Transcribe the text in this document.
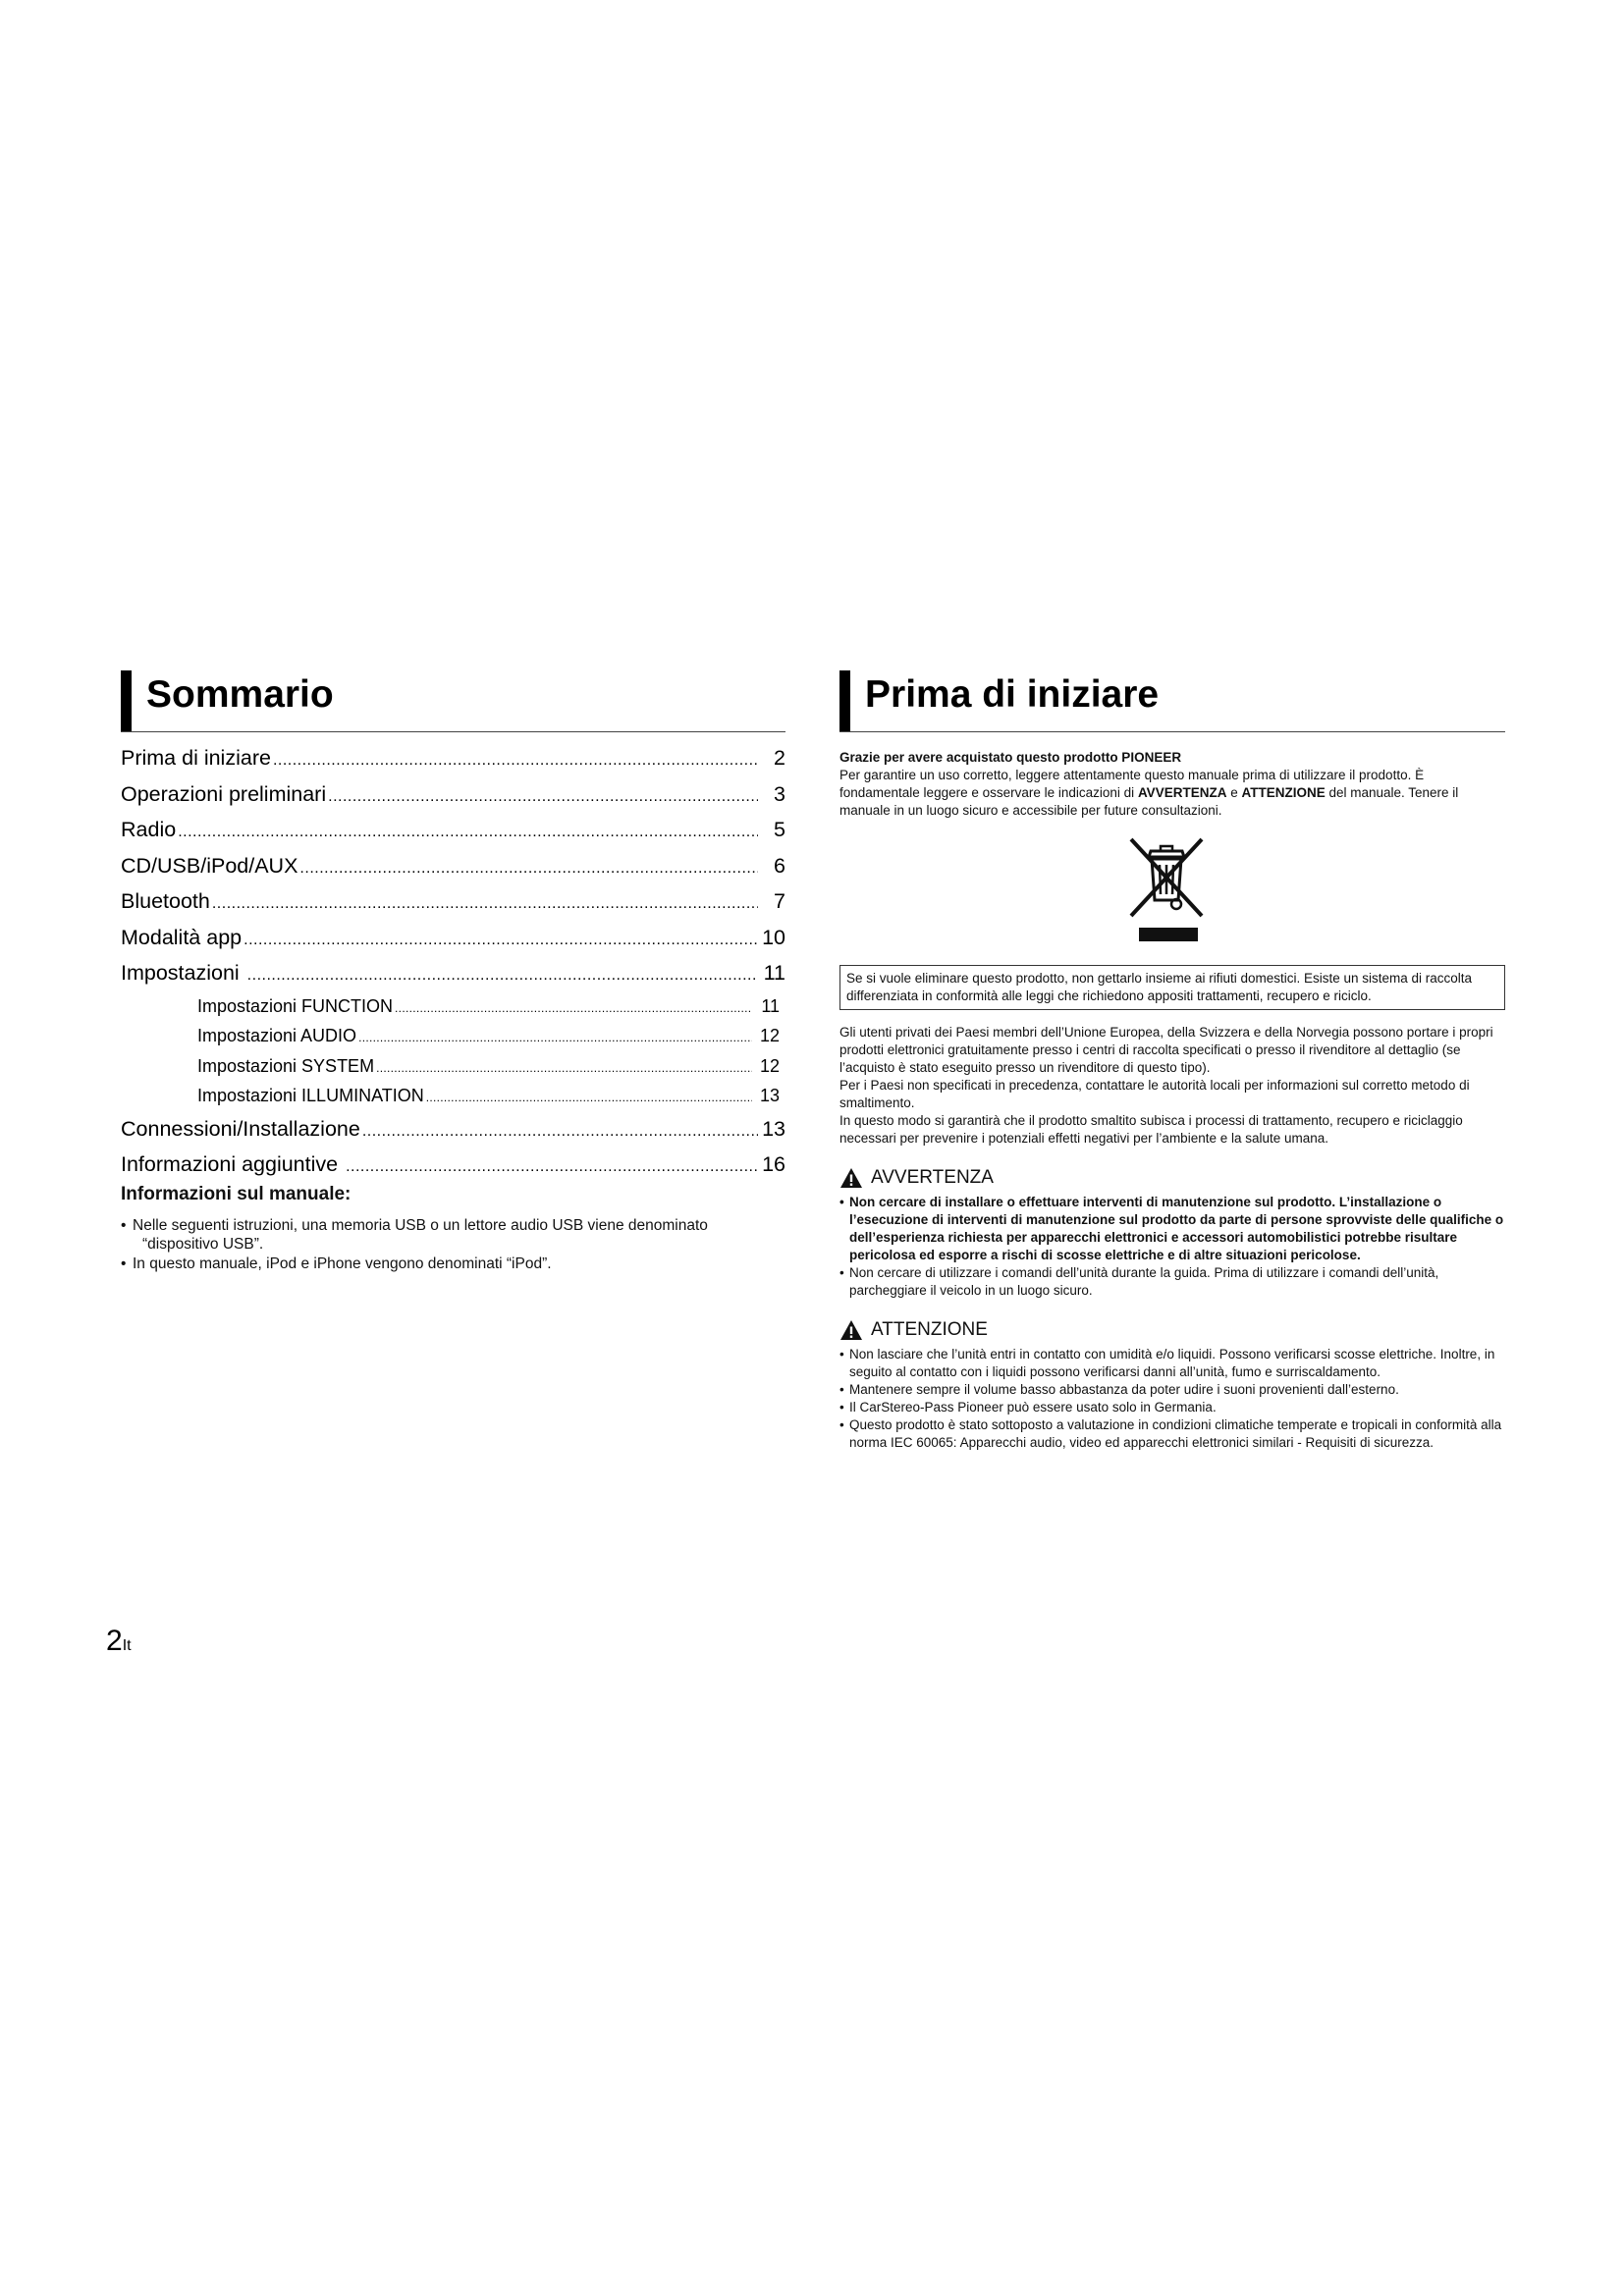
Sommario
Prima di iniziare .....	2
Operazioni preliminari .....	3
Radio .....	5
CD/USB/iPod/AUX .....	6
Bluetooth .....	7
Modalità app .....	10
Impostazioni .....	11
Impostazioni FUNCTION .....	11
Impostazioni AUDIO .....	12
Impostazioni SYSTEM .....	12
Impostazioni ILLUMINATION .....	13
Connessioni/Installazione .....	13
Informazioni aggiuntive .....	16
Informazioni sul manuale:
• Nelle seguenti istruzioni, una memoria USB o un lettore audio USB viene denominato
“dispositivo USB”.
• In questo manuale, iPod e iPhone vengono denominati “iPod”.
Prima di iniziare
Grazie per avere acquistato questo prodotto PIONEER
Per garantire un uso corretto, leggere attentamente questo manuale prima di utilizzare il prodotto. È fondamentale leggere e osservare le indicazioni di AVVERTENZA e ATTENZIONE del manuale. Tenere il manuale in un luogo sicuro e accessibile per future consultazioni.
Se si vuole eliminare questo prodotto, non gettarlo insieme ai rifiuti domestici. Esiste un sistema di raccolta differenziata in conformità alle leggi che richiedono appositi trattamenti, recupero e riciclo.

Gli utenti privati dei Paesi membri dell’Unione Europea, della Svizzera e della Norvegia possono portare i propri prodotti elettronici gratuitamente presso i centri di raccolta specificati o presso il rivenditore al dettaglio (se l’acquisto è stato eseguito presso un rivenditore di questo tipo).

Per i Paesi non specificati in precedenza, contattare le autorità locali per informazioni sul corretto metodo di smaltimento.

In questo modo si garantirà che il prodotto smaltito subisca i processi di trattamento, recupero e riciclaggio necessari per prevenire i potenziali effetti negativi per l’ambiente e la salute umana.

AVVERTENZA
• Non cercare di installare o effettuare interventi di manutenzione sul prodotto. L’installazione o l’esecuzione di interventi di manutenzione sul prodotto da parte di persone sprovviste delle qualifiche o dell’esperienza richiesta per apparecchi elettronici e accessori automobilistici potrebbe risultare pericolosa ed esporre a rischi di scosse elettriche e di altre situazioni pericolose.
• Non cercare di utilizzare i comandi dell’unità durante la guida. Prima di utilizzare i comandi dell’unità, parcheggiare il veicolo in un luogo sicuro.
ATTENZIONE
• Non lasciare che l’unità entri in contatto con umidità e/o liquidi. Possono verificarsi scosse elettriche. Inoltre, in seguito al contatto con i liquidi possono verificarsi danni all’unità, fumo e surriscaldamento.
• Mantenere sempre il volume basso abbastanza da poter udire i suoni provenienti dall’esterno.
• Il CarStereo-Pass Pioneer può essere usato solo in Germania.
• Questo prodotto è stato sottoposto a valutazione in condizioni climatiche temperate e tropicali in conformità alla norma IEC 60065: Apparecchi audio, video ed apparecchi elettronici similari - Requisiti di sicurezza.
2It
